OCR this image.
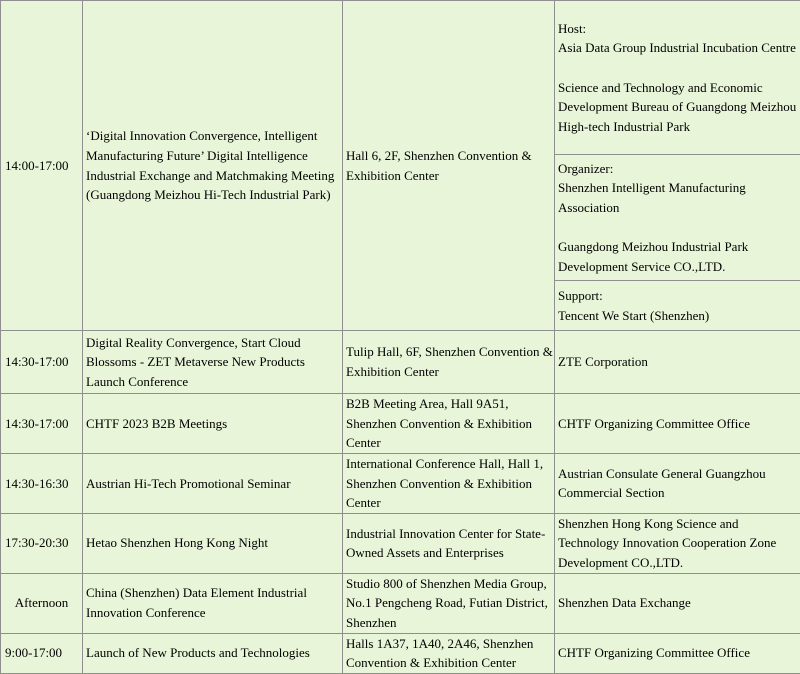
14:00-17:00	‘Digital Innovation Convergence, Intelligent Manufacturing Future’ Digital Intelligence Industrial Exchange and Matchmaking Meeting (Guangdong Meizhou Hi-Tech Industrial Park)	Hall 6, 2F, Shenzhen Convention & Exhibition Center	Host:
Asia Data Group Industrial Incubation Centre
Science and Technology and Economic Development Bureau of Guangdong Meizhou High-tech Industrial Park

			Organizer:
Shenzhen Intelligent Manufacturing Association
Guangdong Meizhou Industrial Park Development Service CO.,LTD.

			Support:
Tencent We Start (Shenzhen)

14:30-17:00	Digital Reality Convergence, Start Cloud Blossoms - ZET Metaverse New Products Launch Conference	Tulip Hall, 6F, Shenzhen Convention & Exhibition Center	ZTE Corporation
14:30-17:00	CHTF 2023 B2B Meetings	B2B Meeting Area, Hall 9A51, Shenzhen Convention & Exhibition Center	CHTF Organizing Committee Office
14:30-16:30	Austrian Hi-Tech Promotional Seminar	International Conference Hall, Hall 1, Shenzhen Convention & Exhibition Center	Austrian Consulate General Guangzhou Commercial Section
17:30-20:30	Hetao Shenzhen Hong Kong Night	Industrial Innovation Center for State-Owned Assets and Enterprises	Shenzhen Hong Kong Science and Technology Innovation Cooperation Zone Development CO.,LTD.
Afternoon	China (Shenzhen) Data Element Industrial Innovation Conference	Studio 800 of Shenzhen Media Group, No.1 Pengcheng Road, Futian District, Shenzhen	Shenzhen Data Exchange
9:00-17:00	Launch of New Products and Technologies	Halls 1A37, 1A40, 2A46, Shenzhen Convention & Exhibition Center	CHTF Organizing Committee Office
